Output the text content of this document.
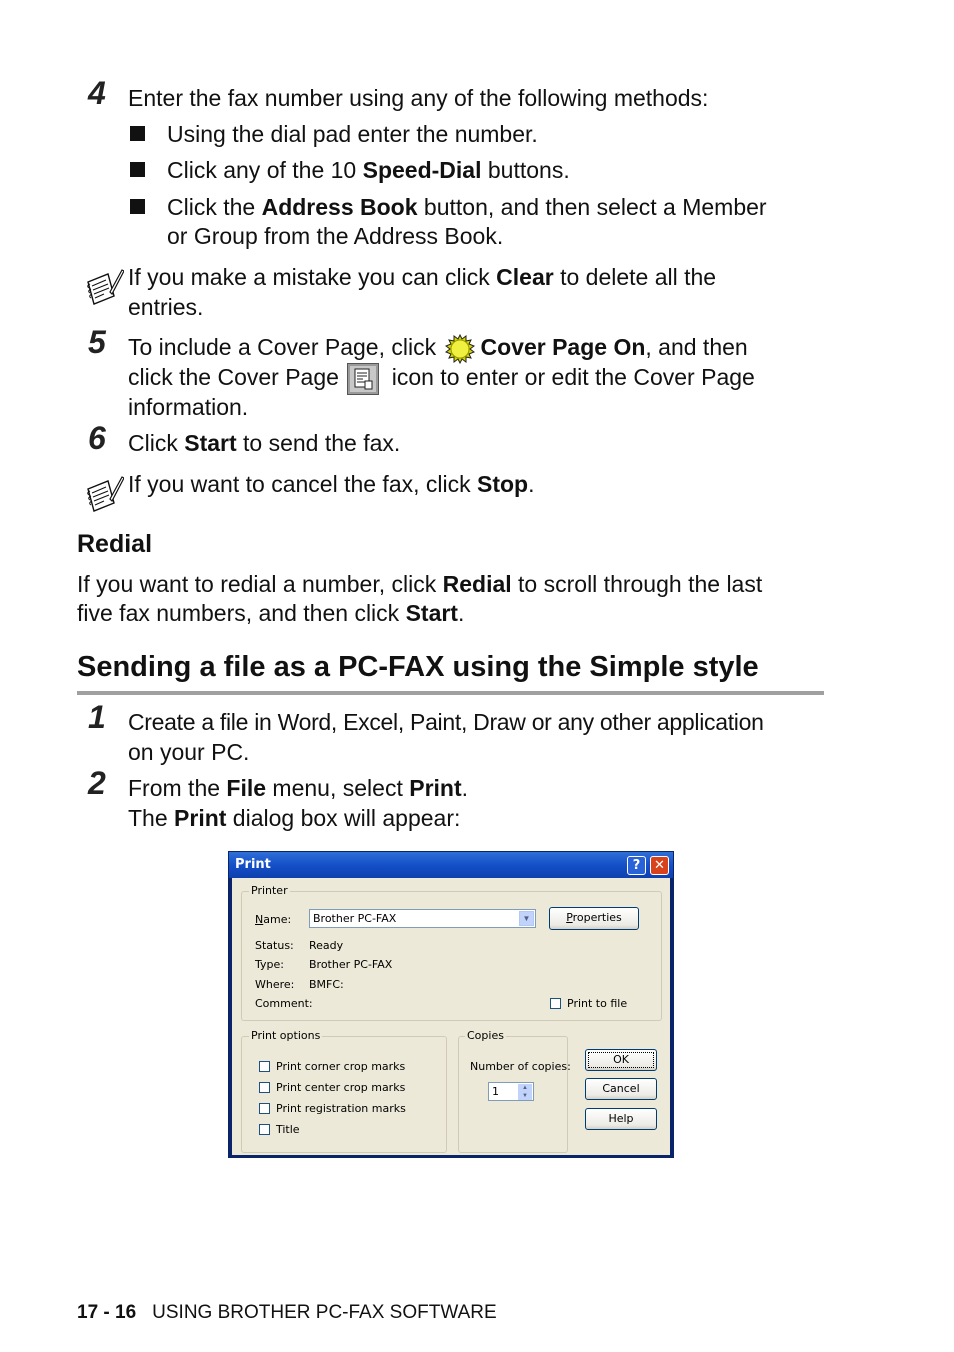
4 Enter the fax number using any of the following methods:
Using the dial pad enter the number.
Click any of the 10 Speed-Dial buttons.
Click the Address Book button, and then select a Member
or Group from the Address Book.
If you make a mistake you can click Clear to delete all the
entries.
5 To include a Cover Page, click Cover Page On, and then
click the Cover Page  icon to enter or edit the Cover Page
information.
6 Click Start to send the fax.
If you want to cancel the fax, click Stop.
Redial
If you want to redial a number, click Redial to scroll through the last
five fax numbers, and then click Start.
Sending a file as a PC-FAX using the Simple style
1 Create a file in Word, Excel, Paint, Draw or any other application
on your PC.
2 From the File menu, select Print.
The Print dialog box will appear:
Print	?	✕
Printer
Name: Brother PC-FAX	▼	Properties
Status: Ready
Type: Brother PC-FAX
Where: BMFC:
Comment:	Print to file
Print options
Print corner crop marks
Print center crop marks
Print registration marks
Title
Copies
Number of copies:
1	▲
▼
OK
Cancel
Help
17 - 16 USING BROTHER PC-FAX SOFTWARE
